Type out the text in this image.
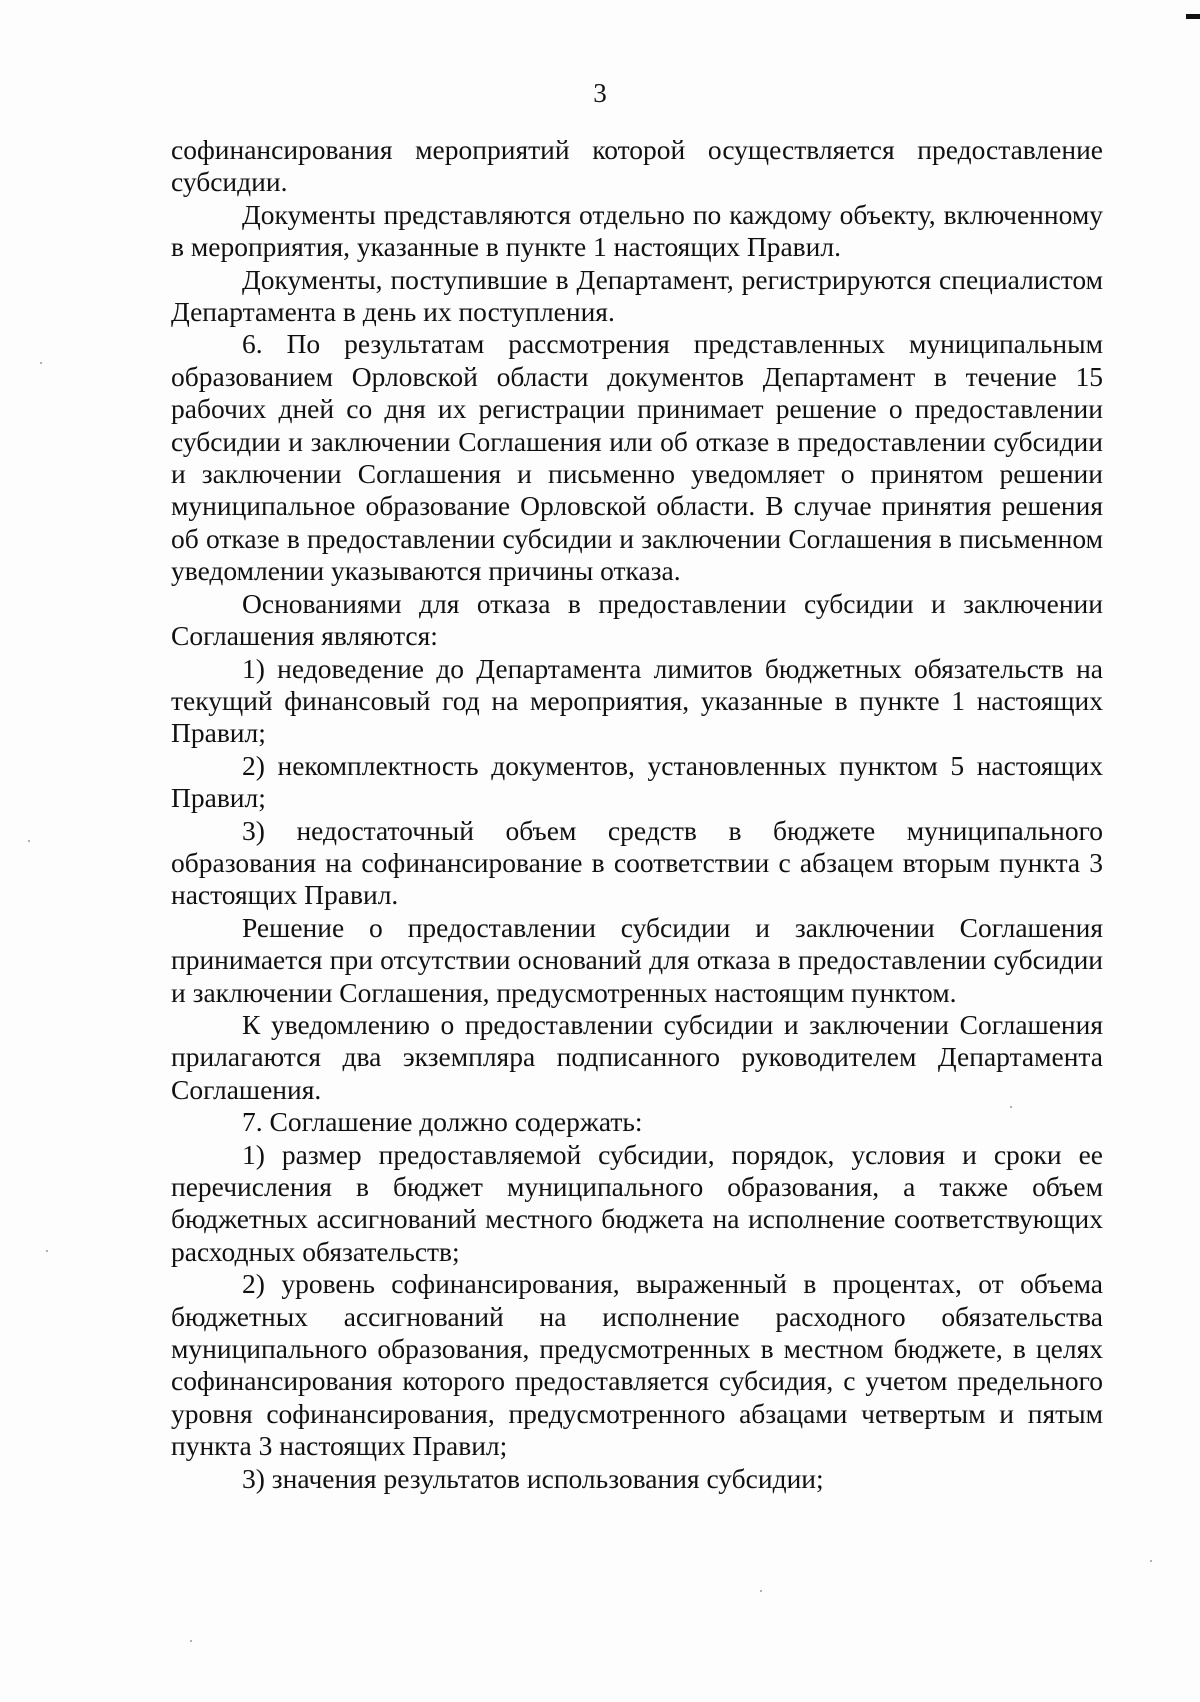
3

софинансирования мероприятий которой осуществляется предоставление субсидии.

Документы представляются отдельно по каждому объекту, включенному в мероприятия, указанные в пункте 1 настоящих Правил.

Документы, поступившие в Департамент, регистрируются специалистом Департамента в день их поступления.

6. По результатам рассмотрения представленных муниципальным образованием Орловской области документов Департамент в течение 15 рабочих дней со дня их регистрации принимает решение о предоставлении субсидии и заключении Соглашения или об отказе в предоставлении субсидии и заключении Соглашения и письменно уведомляет о принятом решении муниципальное образование Орловской области. В случае принятия решения об отказе в предоставлении субсидии и заключении Соглашения в письменном уведомлении указываются причины отказа.

Основаниями для отказа в предоставлении субсидии и заключении Соглашения являются:

1) недоведение до Департамента лимитов бюджетных обязательств на текущий финансовый год на мероприятия, указанные в пункте 1 настоящих Правил;

2) некомплектность документов, установленных пунктом 5 настоящих Правил;

3) недостаточный объем средств в бюджете муниципального образования на софинансирование в соответствии с абзацем вторым пункта 3 настоящих Правил.

Решение о предоставлении субсидии и заключении Соглашения принимается при отсутствии оснований для отказа в предоставлении субсидии и заключении Соглашения, предусмотренных настоящим пунктом.

К уведомлению о предоставлении субсидии и заключении Соглашения прилагаются два экземпляра подписанного руководителем Департамента Соглашения.

7. Соглашение должно содержать:

1) размер предоставляемой субсидии, порядок, условия и сроки ее перечисления в бюджет муниципального образования, а также объем бюджетных ассигнований местного бюджета на исполнение соответствующих расходных обязательств;

2) уровень софинансирования, выраженный в процентах, от объема бюджетных ассигнований на исполнение расходного обязательства муниципального образования, предусмотренных в местном бюджете, в целях софинансирования которого предоставляется субсидия, с учетом предельного уровня софинансирования, предусмотренного абзацами четвертым и пятым пункта 3 настоящих Правил;

3) значения результатов использования субсидии;
